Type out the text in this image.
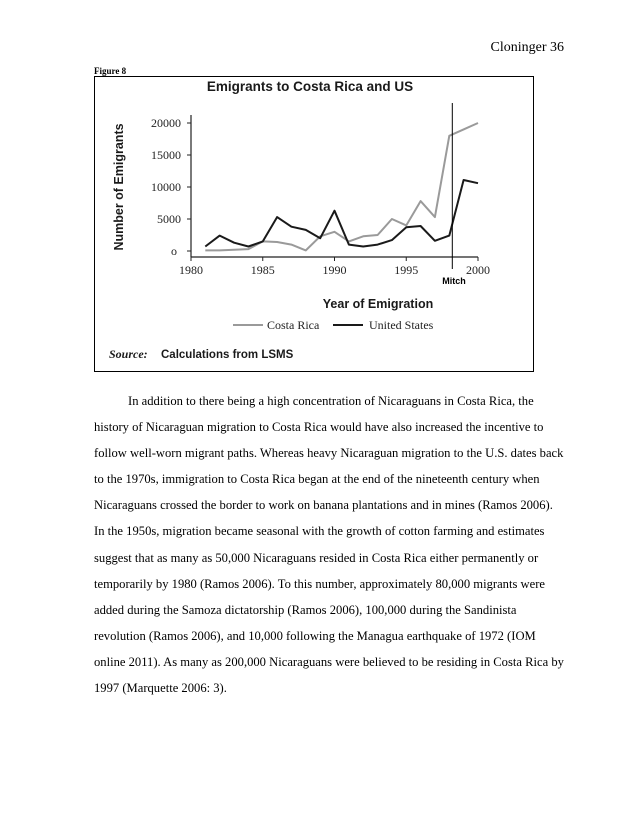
Cloninger 36
Figure 8
Emigrants to Costa Rica and US
Number of Emigrants
o
5000
10000
15000
20000
1980	1985	1990	1995	2000
Mitch
Year of Emigration
Costa Rica	United States
Source: Calculations from LSMS

In addition to there being a high concentration of Nicaraguans in Costa Rica, the history of Nicaraguan migration to Costa Rica would have also increased the incentive to follow well-worn migrant paths. Whereas heavy Nicaraguan migration to the U.S. dates back to the 1970s, immigration to Costa Rica began at the end of the nineteenth century when Nicaraguans crossed the border to work on banana plantations and in mines (Ramos 2006). In the 1950s, migration became seasonal with the growth of cotton farming and estimates suggest that as many as 50,000 Nicaraguans resided in Costa Rica either permanently or temporarily by 1980 (Ramos 2006). To this number, approximately 80,000 migrants were added during the Samoza dictatorship (Ramos 2006), 100,000 during the Sandinista revolution (Ramos 2006), and 10,000 following the Managua earthquake of 1972 (IOM online 2011). As many as 200,000 Nicaraguans were believed to be residing in Costa Rica by 1997 (Marquette 2006: 3).
